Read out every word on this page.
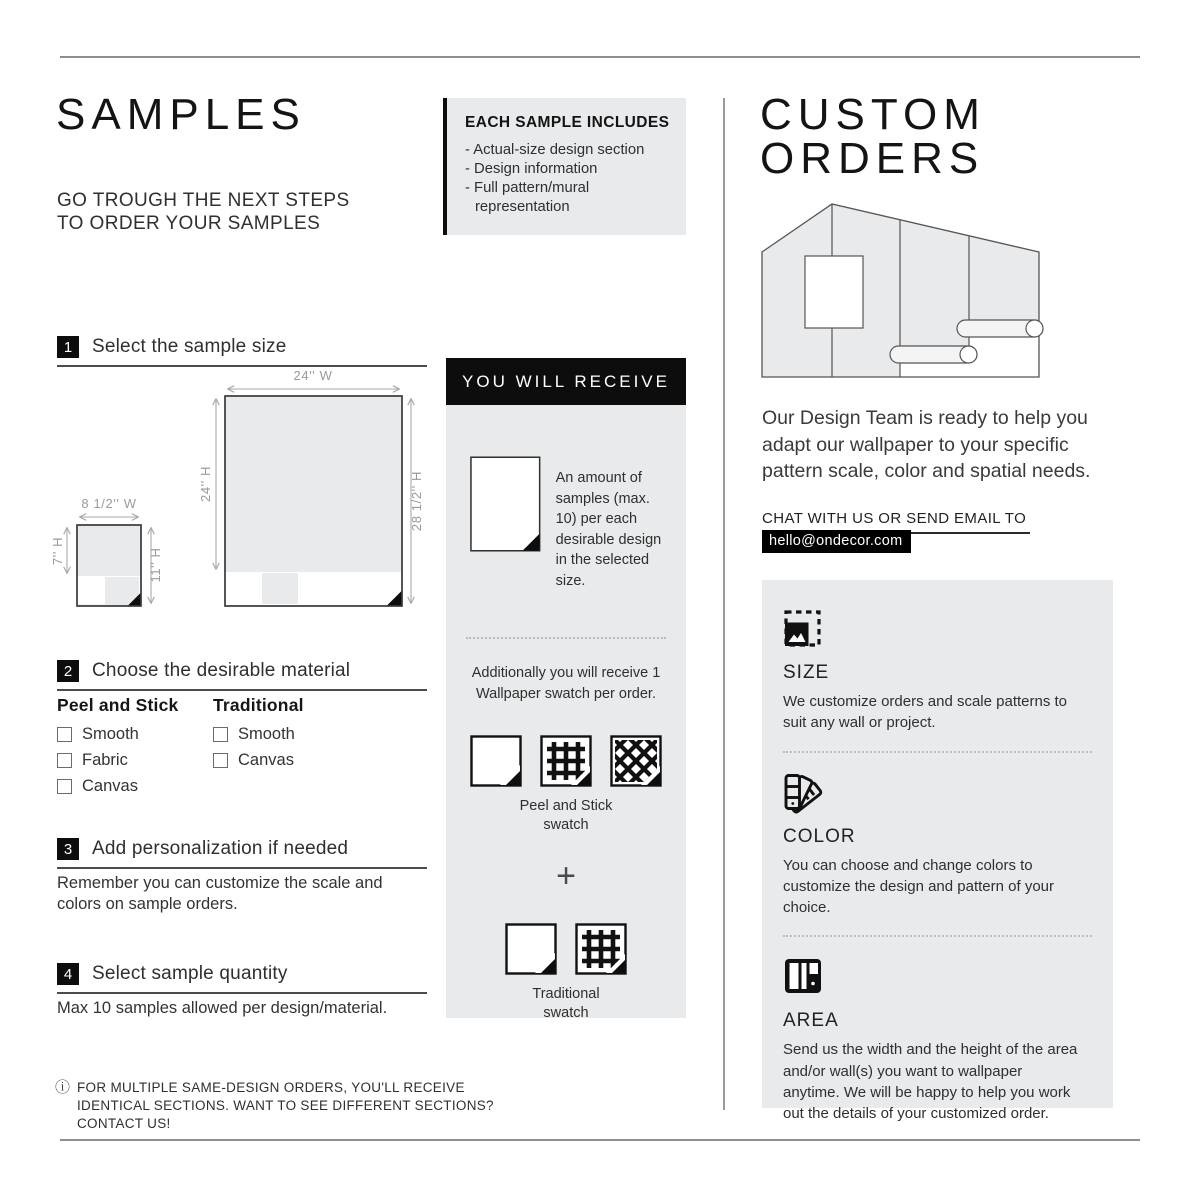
SAMPLES
GO TROUGH THE NEXT STEPS
TO ORDER YOUR SAMPLES
1	Select the sample size
2	Choose the desirable material
3	Add personalization if needed
4	Select sample quantity
Remember you can customize the scale and colors on sample orders.
Max 10 samples allowed per design/material.
8 1/2'' W
7'' H	11'' H
24'' W
24'' H	28 1/2'' H
Peel and Stick
Smooth
Fabric
Canvas
Traditional
Smooth
Canvas
ⓘ FOR MULTIPLE SAME-DESIGN ORDERS, YOU'LL RECEIVE IDENTICAL SECTIONS. WANT TO SEE DIFFERENT SECTIONS? CONTACT US!
EACH SAMPLE INCLUDES
- Actual-size design section
- Design information
- Full pattern/mural representation
YOU WILL RECEIVE
An amount of samples (max. 10) per each desirable design in the selected size.
Additionally you will receive 1 Wallpaper swatch per order.
Peel and Stick
swatch
+
Traditional
swatch
CUSTOM ORDERS
Our Design Team is ready to help you adapt our wallpaper to your specific pattern scale, color and spatial needs.
CHAT WITH US OR SEND EMAIL TO
hello@ondecor.com
SIZE
We customize orders and scale patterns to suit any wall or project.
COLOR
You can choose and change colors to customize the design and pattern of your choice.
AREA
Send us the width and the height of the area and/or wall(s) you want to wallpaper anytime. We will be happy to help you work out the details of your customized order.
